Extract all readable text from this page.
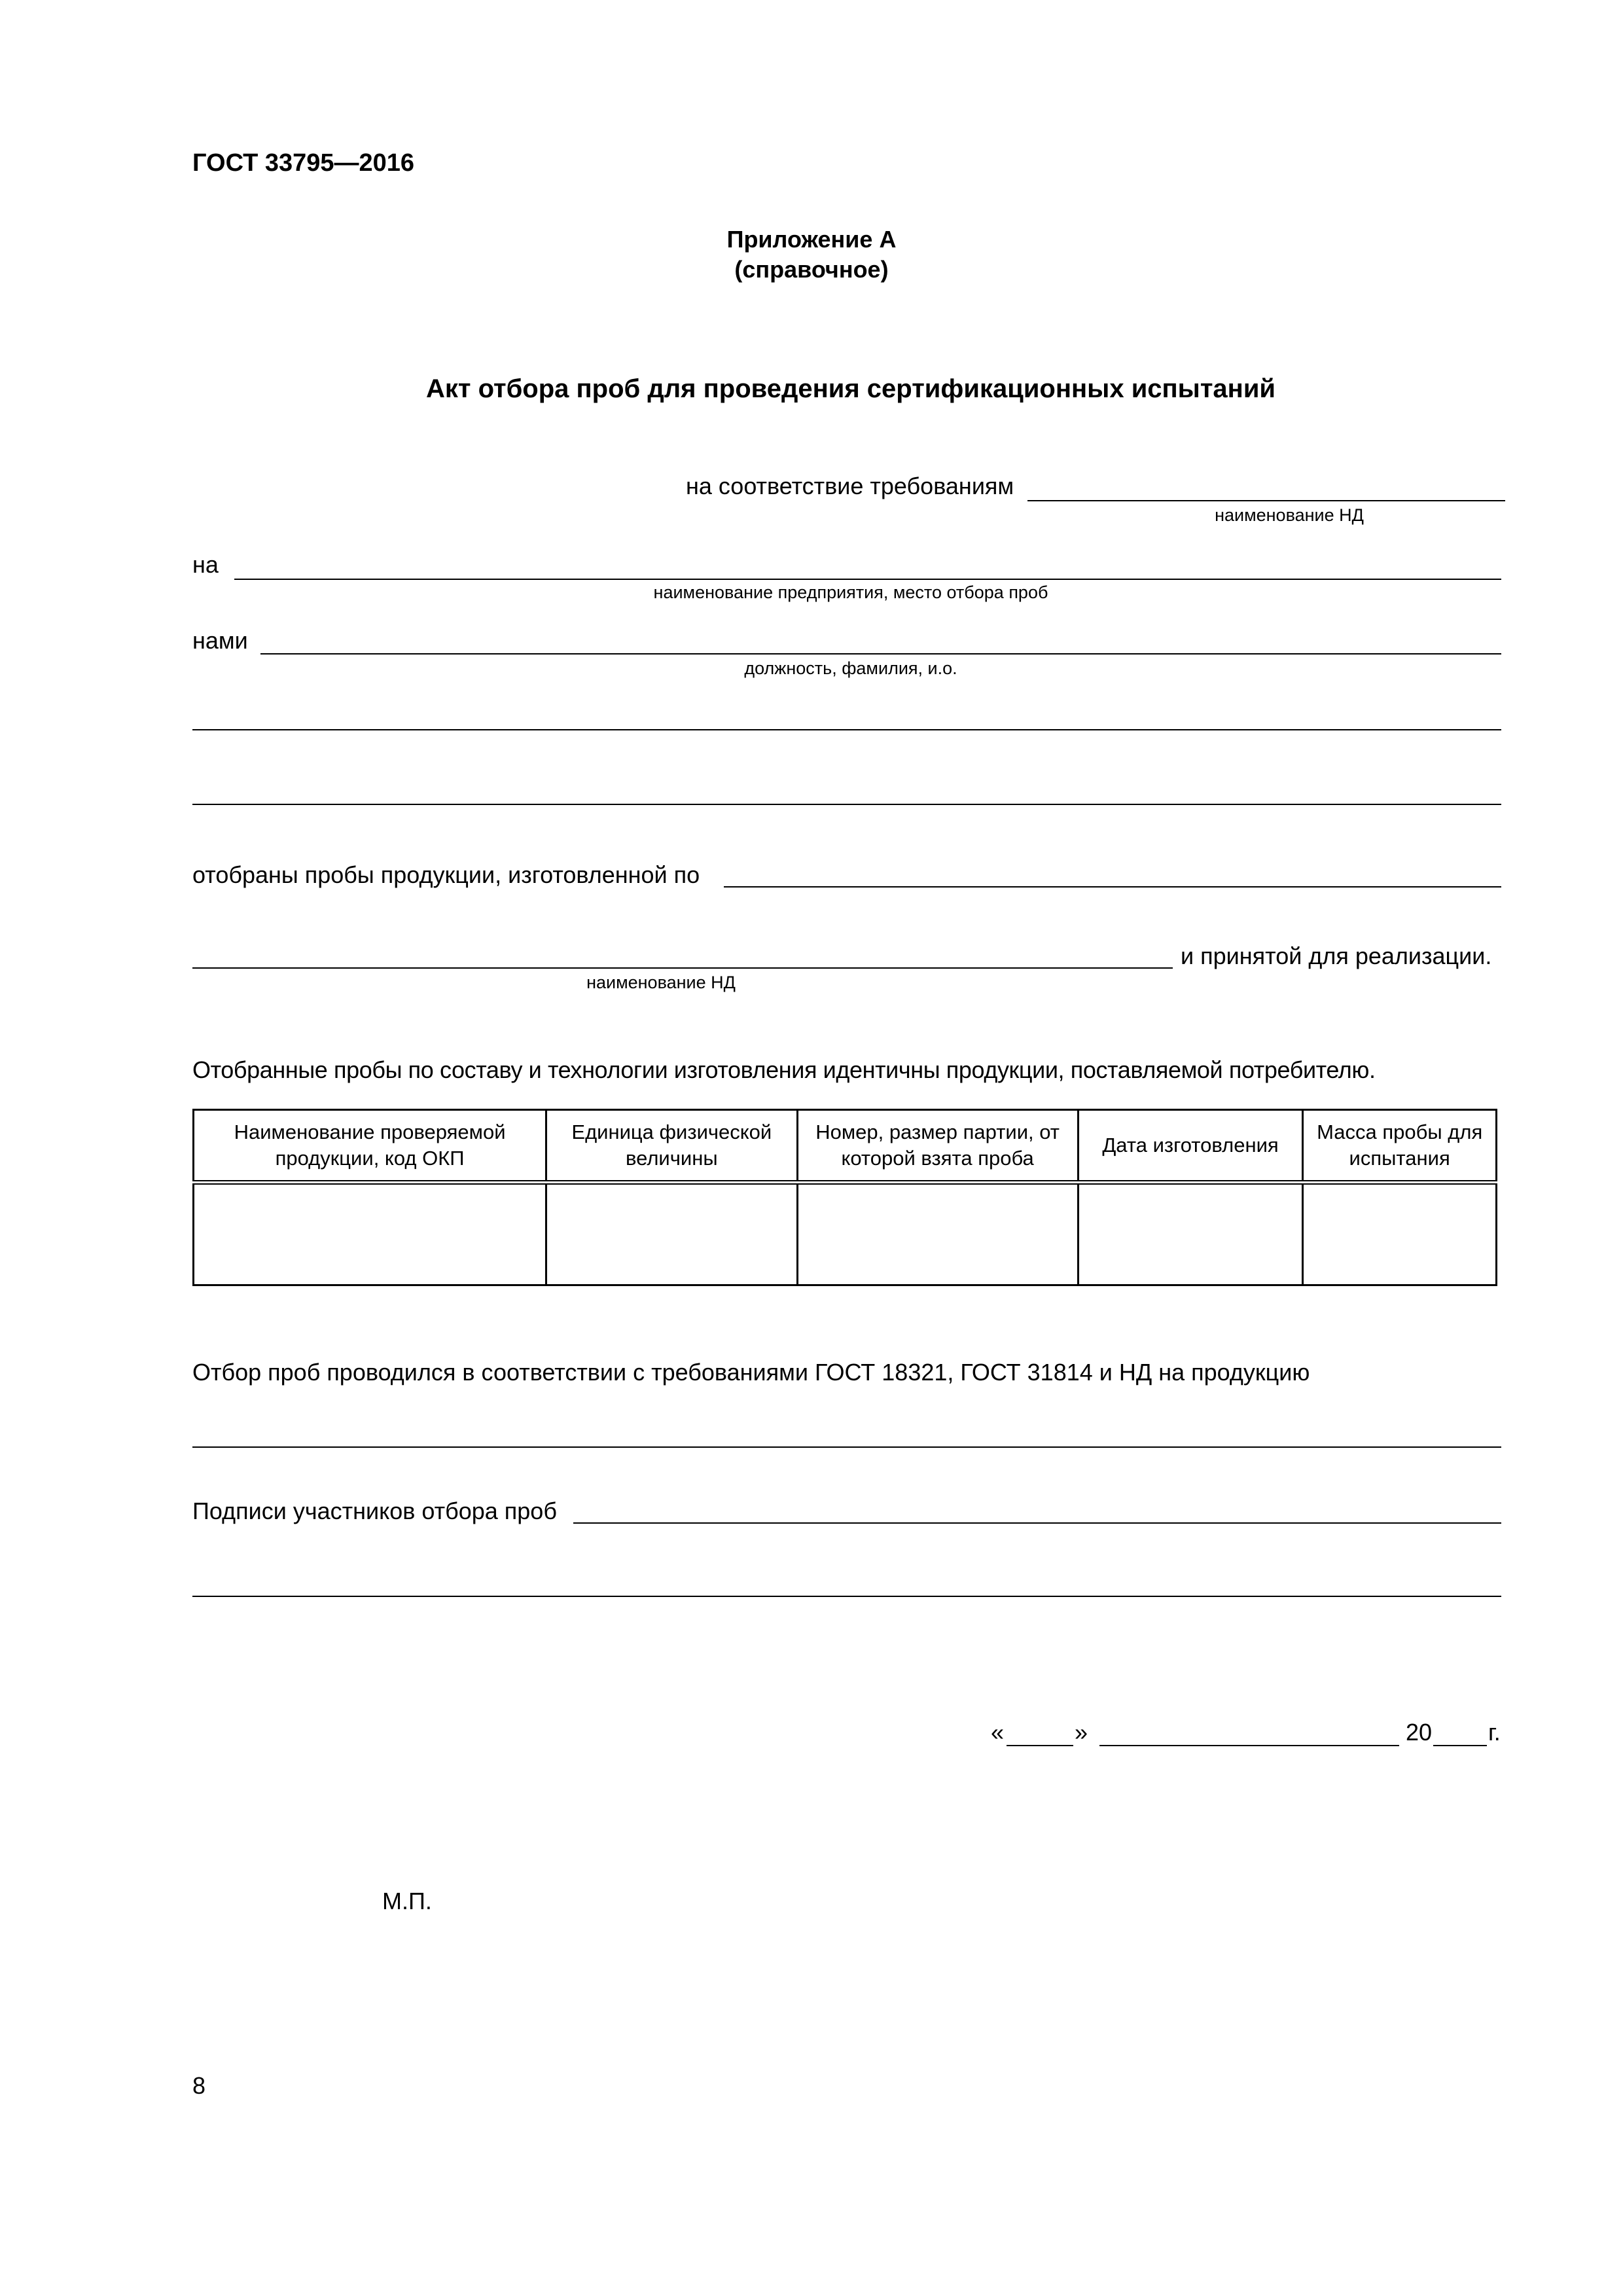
ГОСТ 33795—2016
Приложение А
(справочное)
Акт отбора проб для проведения сертификационных испытаний
на соответствие требованиям
наименование НД
на
наименование предприятия, место отбора проб
нами
должность, фамилия, и.о.
отобраны пробы продукции, изготовленной по
и принятой для реализации.
наименование НД
Отобранные пробы по составу и технологии изготовления идентичны продукции, поставляемой потребителю.
Наименование проверяемой продукции, код ОКП	Единица физической величины	Номер, размер партии, от которой взята проба	Дата изготовления	Масса пробы для испытания

Отбор проб проводился в соответствии с требованиями ГОСТ 18321, ГОСТ 31814 и НД на продукцию
Подписи участников отбора проб
«	»	20 г.
М.П.
8
